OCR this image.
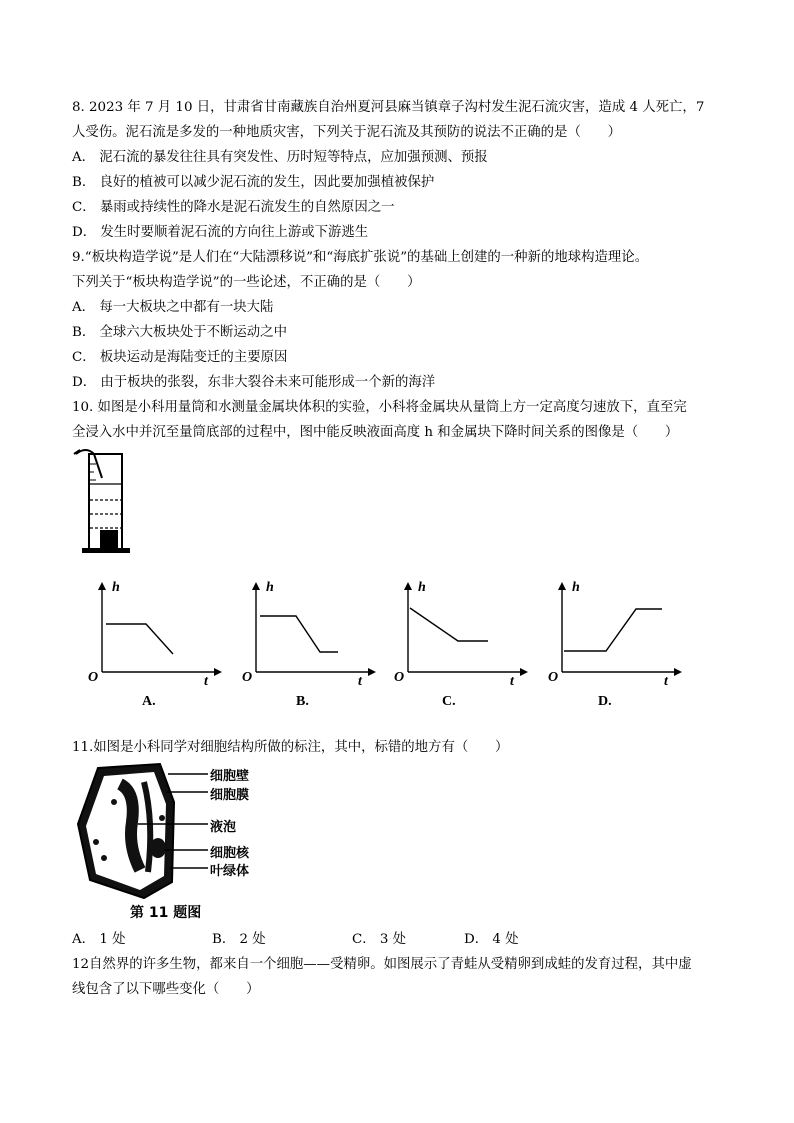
8. 2023 年 7 月 10 日，甘肃省甘南藏族自治州夏河县麻当镇章子沟村发生泥石流灾害，造成 4 人死亡，7
人受伤。泥石流是多发的一种地质灾害，下列关于泥石流及其预防的说法不正确的是（　　）
A． 泥石流的暴发往往具有突发性、历时短等特点，应加强预测、预报
B． 良好的植被可以减少泥石流的发生，因此要加强植被保护
C． 暴雨或持续性的降水是泥石流发生的自然原因之一
D． 发生时要顺着泥石流的方向往上游或下游逃生
9.“板块构造学说”是人们在“大陆漂移说”和“海底扩张说”的基础上创建的一种新的地球构造理论。
下列关于“板块构造学说”的一些论述，不正确的是（　　）
A． 每一大板块之中都有一块大陆
B． 全球六大板块处于不断运动之中
C． 板块运动是海陆变迁的主要原因
D． 由于板块的张裂，东非大裂谷未来可能形成一个新的海洋
10. 如图是小科用量筒和水测量金属块体积的实验，小科将金属块从量筒上方一定高度匀速放下，直至完
全浸入水中并沉至量筒底部的过程中，图中能反映液面高度 h 和金属块下降时间关系的图像是（　　）
h
O	t
A.
h
O	t
B.
h
O	t
C.
h
O	t
D.
11.如图是小科同学对细胞结构所做的标注，其中，标错的地方有（　　）
细胞壁
细胞膜
液泡
细胞核
叶绿体
第 11 题图
A． 1 处	B． 2 处	C． 3 处	D． 4 处
12自然界的许多生物，都来自一个细胞——受精卵。如图展示了青蛙从受精卵到成蛙的发育过程，其中虚
线包含了以下哪些变化（　　）
